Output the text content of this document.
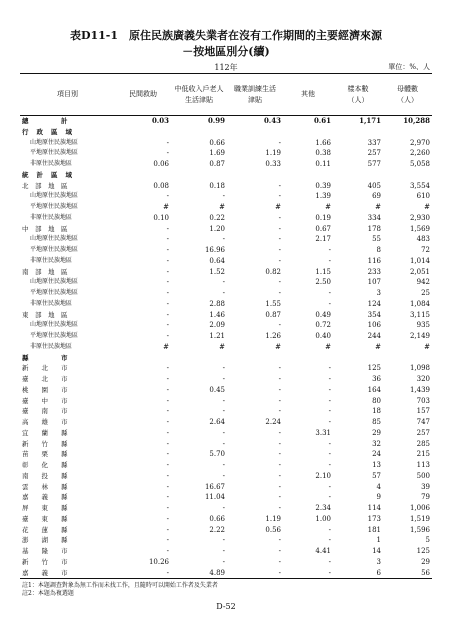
表D11-1　原住民族廣義失業者在沒有工作期間的主要經濟來源
－按地區別分(續)
112年	單位：%、人
項目別	民間救助	中低收入戶老人生活津貼	職業訓練生活津貼	其他	樣本數（人）	母體數（人）
總　　　　　計	0.03	0.99	0.43	0.61	1,171	10,288
行政區域						
山地原住民族地區	-	0.66	-	1.66	337	2,970
平地原住民族地區	-	1.69	1.19	0.38	257	2,260
非原住民族地區	0.06	0.87	0.33	0.11	577	5,058
統計區域						
北　部　地　區	0.08	0.18	-	0.39	405	3,554
山地原住民族地區	-	-	-	1.39	69	610
平地原住民族地區	#	#	#	#	#	#
非原住民族地區	0.10	0.22	-	0.19	334	2,930
中　部　地　區	-	1.20	-	0.67	178	1,569
山地原住民族地區	-	-	-	2.17	55	483
平地原住民族地區	-	16.96	-	-	8	72
非原住民族地區	-	0.64	-	-	116	1,014
南　部　地　區	-	1.52	0.82	1.15	233	2,051
山地原住民族地區	-	-	-	2.50	107	942
平地原住民族地區	-	-	-	-	3	25
非原住民族地區	-	2.88	1.55	-	124	1,084
東　部　地　區	-	1.46	0.87	0.49	354	3,115
山地原住民族地區	-	2.09	-	0.72	106	935
平地原住民族地區	-	1.21	1.26	0.40	244	2,149
非原住民族地區	#	#	#	#	#	#
縣　　　　　市						
新　　北　　市	-	-	-	-	125	1,098
臺　　北　　市	-	-	-	-	36	320
桃　　園　　市	-	0.45	-	-	164	1,439
臺　　中　　市	-	-	-	-	80	703
臺　　南　　市	-	-	-	-	18	157
高　　雄　　市	-	2.64	2.24	-	85	747
宜　　蘭　　縣	-	-	-	3.31	29	257
新　　竹　　縣	-	-	-	-	32	285
苗　　栗　　縣	-	5.70	-	-	24	215
彰　　化　　縣	-	-	-	-	13	113
南　　投　　縣	-	-	-	2.10	57	500
雲　　林　　縣	-	16.67	-	-	4	39
嘉　　義　　縣	-	11.04	-	-	9	79
屏　　東　　縣	-	-	-	2.34	114	1,006
臺　　東　　縣	-	0.66	1.19	1.00	173	1,519
花　　蓮　　縣	-	2.22	0.56	-	181	1,596
澎　　湖　　縣	-	-	-	-	1	5
基　　隆　　市	-	-	-	4.41	14	125
新　　竹　　市	10.26	-	-	-	3	29
嘉　　義　　市	-	4.89	-	-	6	56
註1：本題調查對象為無工作而未找工作，且隨時可以開始工作者及失業者
註2：本題為複選題
D-52
